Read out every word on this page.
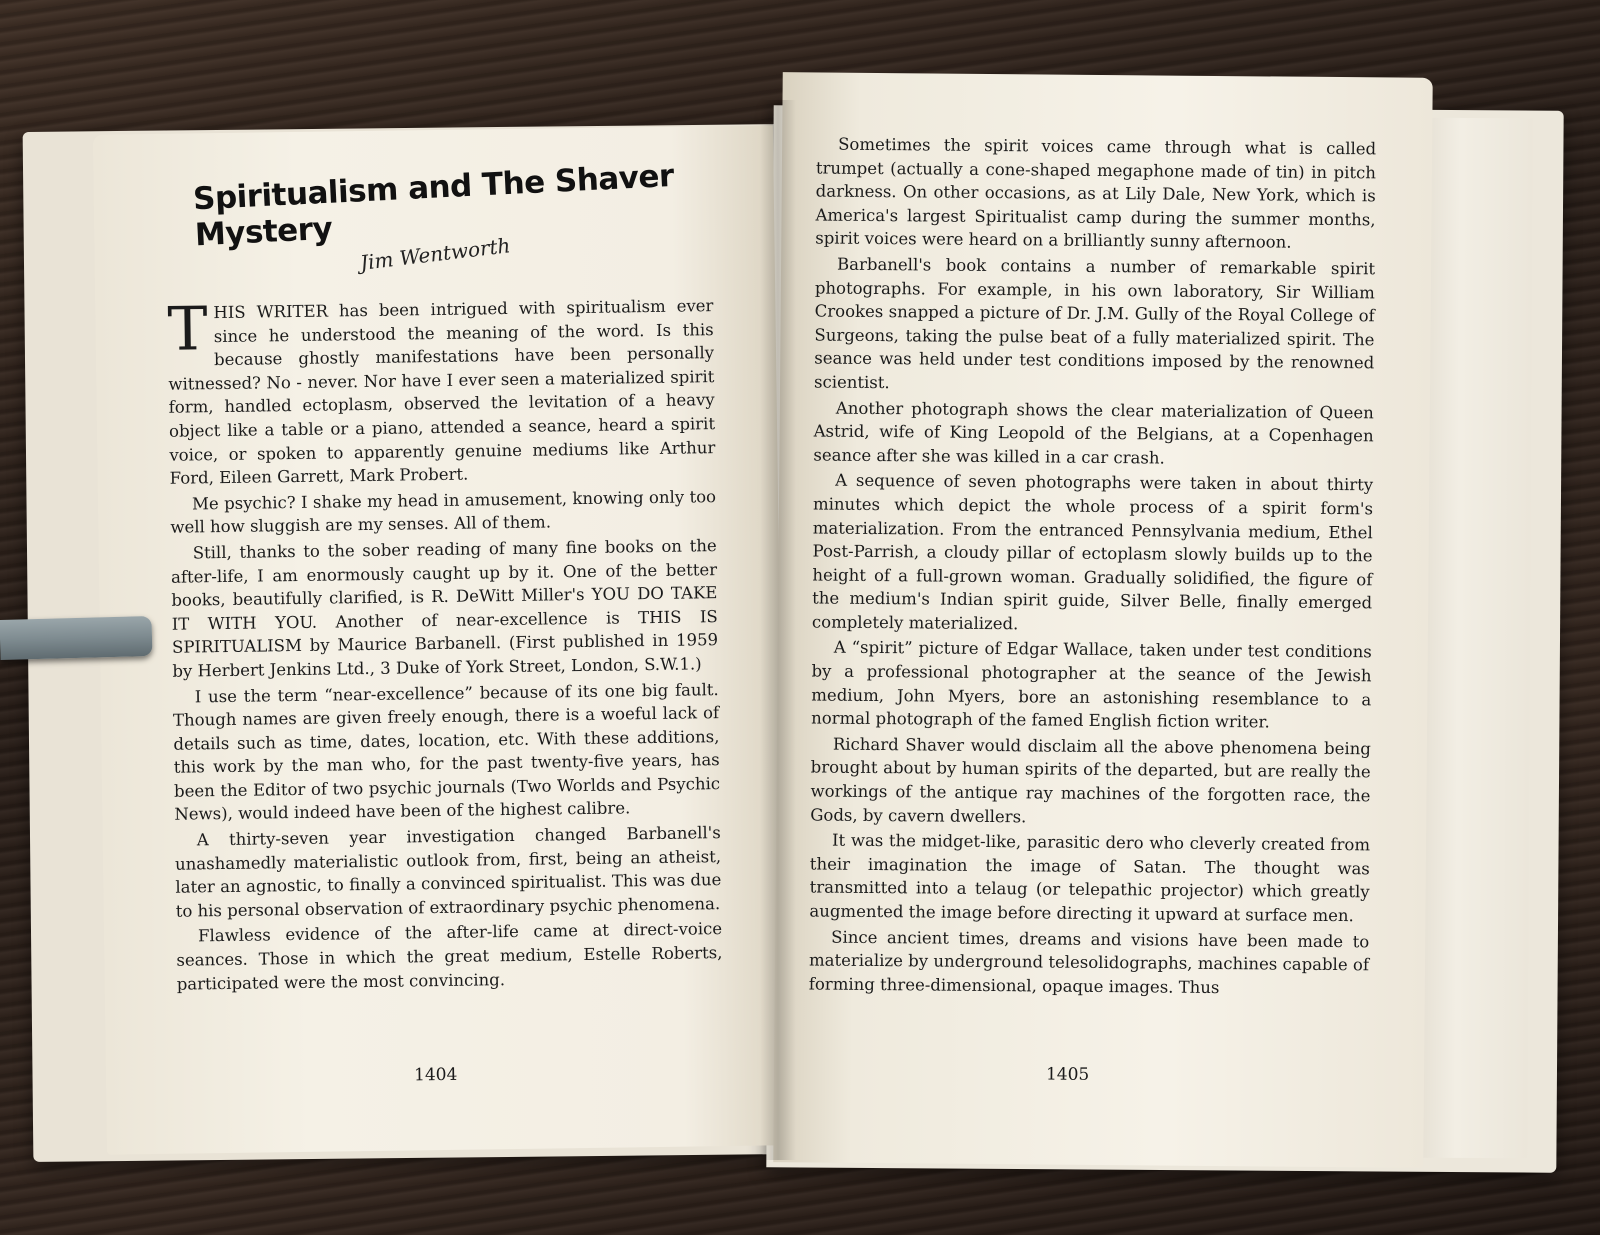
Spiritualism and The Shaver Mystery
Jim Wentworth

THIS WRITER has been intrigued with spiritualism ever since he understood the meaning of the word. Is this because ghostly manifestations have been personally witnessed? No - never. Nor have I ever seen a materialized spirit form, handled ectoplasm, observed the levitation of a heavy object like a table or a piano, attended a seance, heard a spirit voice, or spoken to apparently genuine mediums like Arthur Ford, Eileen Garrett, Mark Probert.

Me psychic? I shake my head in amusement, knowing only too well how sluggish are my senses. All of them.

Still, thanks to the sober reading of many fine books on the after-life, I am enormously caught up by it. One of the better books, beautifully clarified, is R. DeWitt Miller's YOU DO TAKE IT WITH YOU. Another of near-excellence is THIS IS SPIRITUALISM by Maurice Barbanell. (First published in 1959 by Herbert Jenkins Ltd., 3 Duke of York Street, London, S.W.1.)

I use the term “near-excellence” because of its one big fault. Though names are given freely enough, there is a woeful lack of details such as time, dates, location, etc. With these additions, this work by the man who, for the past twenty-five years, has been the Editor of two psychic journals (Two Worlds and Psychic News), would indeed have been of the highest calibre.

A thirty-seven year investigation changed Barbanell's unashamedly materialistic outlook from, first, being an atheist, later an agnostic, to finally a convinced spiritualist. This was due to his personal observation of extraordinary psychic phenomena.

Flawless evidence of the after-life came at direct-voice seances. Those in which the great medium, Estelle Roberts, participated were the most convincing.

1404

Sometimes the spirit voices came through what is called trumpet (actually a cone-shaped megaphone made of tin) in pitch darkness. On other occasions, as at Lily Dale, New York, which is America's largest Spiritualist camp during the summer months, spirit voices were heard on a brilliantly sunny afternoon.

Barbanell's book contains a number of remarkable spirit photographs. For example, in his own laboratory, Sir William Crookes snapped a picture of Dr. J.M. Gully of the Royal College of Surgeons, taking the pulse beat of a fully materialized spirit. The seance was held under test conditions imposed by the renowned scientist.

Another photograph shows the clear materialization of Queen Astrid, wife of King Leopold of the Belgians, at a Copenhagen seance after she was killed in a car crash.

A sequence of seven photographs were taken in about thirty minutes which depict the whole process of a spirit form's materialization. From the entranced Pennsylvania medium, Ethel Post-Parrish, a cloudy pillar of ectoplasm slowly builds up to the height of a full-grown woman. Gradually solidified, the figure of the medium's Indian spirit guide, Silver Belle, finally emerged completely materialized.

A “spirit” picture of Edgar Wallace, taken under test conditions by a professional photographer at the seance of the Jewish medium, John Myers, bore an astonishing resemblance to a normal photograph of the famed English fiction writer.

Richard Shaver would disclaim all the above phenomena being brought about by human spirits of the departed, but are really the workings of the antique ray machines of the forgotten race, the Gods, by cavern dwellers.

It was the midget-like, parasitic dero who cleverly created from their imagination the image of Satan. The thought was transmitted into a telaug (or telepathic projector) which greatly augmented the image before directing it upward at surface men.

Since ancient times, dreams and visions have been made to materialize by underground telesolidographs, machines capable of forming three-dimensional, opaque images. Thus

1405
